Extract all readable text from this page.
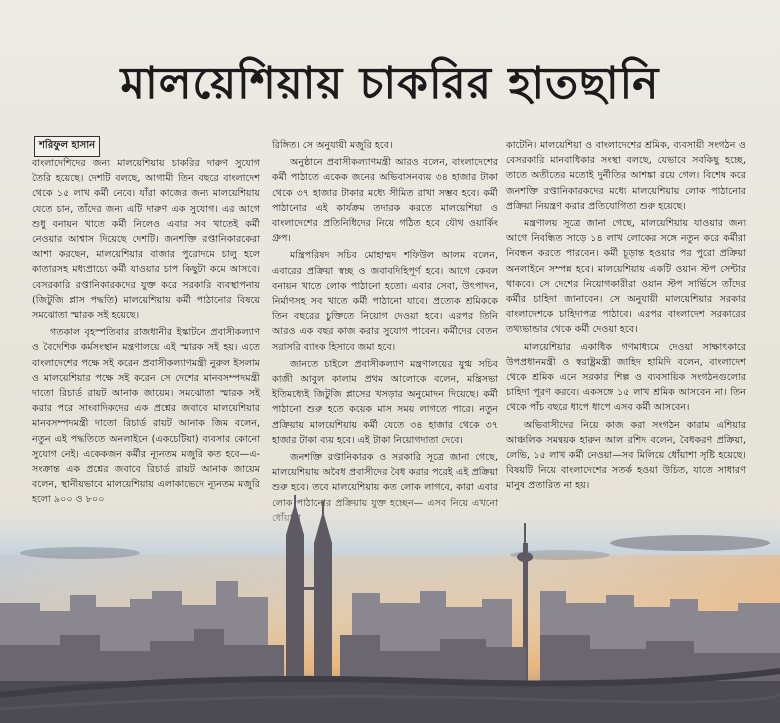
মালয়েশিয়ায় চাকরির হাতছানি
শরিফুল হাসান

বাংলাদেশিদের জন্য মালয়েশিয়ায় চাকরির দারুণ সুযোগ তৈরি হয়েছে। দেশটি বলছে, আগামী তিন বছরে বাংলাদেশ থেকে ১৫ লাখ কর্মী নেবে। যাঁরা কাজের জন্য মালয়েশিয়ায় যেতে চান, তাঁদের জন্য এটি দারুণ এক সুযোগ। এর আগে শুধু বনায়ন খাতে কর্মী নিলেও এবার সব খাতেই কর্মী নেওয়ার আশ্বাস দিয়েছে দেশটি। জনশক্তি রপ্তানিকারকেরা আশা করছেন, মালয়েশিয়ার বাজার পুরোদমে চালু হলে কাতারসহ মধ্যপ্রাচ্যে কর্মী যাওয়ার চাপ কিছুটা কমে আসবে। বেসরকারি রপ্তানিকারকদের যুক্ত করে সরকারি ব্যবস্থাপনায় (জিটুজি প্লাস পদ্ধতি) মালয়েশিয়ায় কর্মী পাঠানোর বিষয়ে সমঝোতা স্মারক সই হয়েছে।

গতকাল বৃহস্পতিবার রাজধানীর ইস্কাটনে প্রবাসীকল্যাণ ও বৈদেশিক কর্মসংস্থান মন্ত্রণালয়ে এই স্মারক সই হয়। এতে বাংলাদেশের পক্ষে সই করেন প্রবাসীকল্যাণমন্ত্রী নুরুল ইসলাম ও মালয়েশিয়ার পক্ষে সই করেন সে দেশের মানবসম্পদমন্ত্রী দাতো রিচার্ড রায়ট আনাক জায়েম। সমঝোতা স্মারক সই করার পরে সাংবাদিকদের এক প্রশ্নের জবাবে মালয়েশিয়ার মানবসম্পদমন্ত্রী দাতো রিচার্ড রায়ট আনাক জিম বলেন, নতুন এই পদ্ধতিতে অনলাইনে (একচেটিয়া) ব্যবসার কোনো সুযোগ নেই। একেকজন কর্মীর ন্যূনতম মজুরি কত হবে—এ-সংক্রান্ত এক প্রশ্নের জবাবে রিচার্ড রায়ট আনাক জায়েম বলেন, স্থানীয়ভাবে মালয়েশিয়ায় এলাকাভেদে ন্যূনতম মজুরি

রিঙ্গিত। সে অনুযায়ী মজুরি হবে।

অনুষ্ঠানে প্রবাসীকল্যাণমন্ত্রী আরও বলেন, বাংলাদেশের কর্মী পাঠাতে একেক জনের অভিবাসনব্যয় ৩৪ হাজার টাকা থেকে ৩৭ হাজার টাকার মধ্যে সীমিত রাখা সম্ভব হবে। কর্মী পাঠানোর এই কার্যক্রম তদারক করতে মালয়েশিয়া ও বাংলাদেশের প্রতিনিধিদের নিয়ে গঠিত হবে যৌথ ওয়ার্কিং গ্রুপ।

মন্ত্রিপরিষদ সচিব মোহাম্মদ শফিউল আলম বলেন, এবারের প্রক্রিয়া স্বচ্ছ ও জবাবদিহিপূর্ণ হবে। আগে কেবল বনায়ন খাতে লোক পাঠানো হতো। এবার সেবা, উৎপাদন, নির্মাণসহ সব খাতে কর্মী পাঠানো যাবে। প্রত্যেক শ্রমিককে তিন বছরের চুক্তিতে নিয়োগ দেওয়া হবে। এরপর তিনি আরও এক বছর কাজ করার সুযোগ পাবেন। কর্মীদের বেতন সরাসরি ব্যাংক হিসাবে জমা হবে।

জানতে চাইলে প্রবাসীকল্যাণ মন্ত্রণালয়ের যুগ্ম সচিব কাজী আবুল কালাম প্রথম আলোকে বলেন, মন্ত্রিসভা ইতিমধ্যেই জিটুজি প্লাসের খসড়ার অনুমোদন দিয়েছে। কর্মী পাঠানো শুরু হতে কয়েক মাস সময় লাগতে পারে। নতুন প্রক্রিয়ায় মালয়েশিয়ায় কর্মী যেতে ৩৪ হাজার থেকে ৩৭ হাজার টাকা ব্যয় হবে। এই টাকা নিয়োগদাতা দেবে।

জনশক্তি রপ্তানিকারক ও সরকারি সূত্রে জানা গেছে, মালয়েশিয়ায় অবৈধ প্রবাসীদের বৈধ করার পরেই এই প্রক্রিয়া শুরু হবে। তবে মালয়েশিয়ায় কত লোক লাগবে, কারা এবার

কাটেনি। মালয়েশিয়া ও বাংলাদেশের শ্রমিক, ব্যবসায়ী সংগঠন ও বেসরকারি মানবাধিকার সংস্থা বলছে, যেভাবে সবকিছু হচ্ছে, তাতে অতীতের মতোই দুর্নীতির আশঙ্কা রয়ে গেল। বিশেষ করে জনশক্তি রপ্তানিকারকদের মধ্যে মালয়েশিয়ায় লোক পাঠানোর প্রক্রিয়া নিয়ন্ত্রণ করার প্রতিযোগিতা শুরু হয়েছে।

মন্ত্রণালয় সূত্রে জানা গেছে, মালয়েশিয়ায় যাওয়ার জন্য আগে নিবন্ধিত সাড়ে ১৪ লাখ লোকের সঙ্গে নতুন করে কর্মীরা নিবন্ধন করতে পারবেন। কর্মী চূড়ান্ত হওয়ার পর পুরো প্রক্রিয়া অনলাইনে সম্পন্ন হবে। মালয়েশিয়ায় একটি ওয়ান স্টপ সেন্টার থাকবে। সে দেশের নিয়োগকারীরা ওয়ান স্টপ সার্ভিসে তাঁদের কর্মীর চাহিদা জানাবেন। সে অনুযায়ী মালয়েশিয়ার সরকার বাংলাদেশকে চাহিদাপত্র পাঠাবে। এরপর বাংলাদেশ সরকারের তথ্যভান্ডার থেকে কর্মী দেওয়া হবে।

মালয়েশিয়ার একাধিক গণমাধ্যমে দেওয়া সাক্ষাৎকারে উপপ্রধানমন্ত্রী ও স্বরাষ্ট্রমন্ত্রী জাহিদ হামিদি বলেন, বাংলাদেশ থেকে শ্রমিক এনে সরকার শিল্প ও ব্যবসায়িক সংগঠনগুলোর চাহিদা পূরণ করবে। একসঙ্গে ১৫ লাখ শ্রমিক আসবেন না। তিন থেকে পাঁচ বছরে ধাপে ধাপে এসব কর্মী আসবেন।

অভিবাসীদের নিয়ে কাজ করা সংগঠন কারাম এশিয়ার আঞ্চলিক সমন্বয়ক হারুন আল রশিদ বলেন, বৈধকরণ প্রক্রিয়া, লেভি, ১৫ লাখ কর্মী নেওয়া—সব মিলিয়ে ধোঁয়াশা সৃষ্টি হয়েছে। বিষয়টি নিয়ে বাংলাদেশের সতর্ক হওয়া উচিত, যাতে সাধারণ মানুষ প্রতারিত না হয়।
